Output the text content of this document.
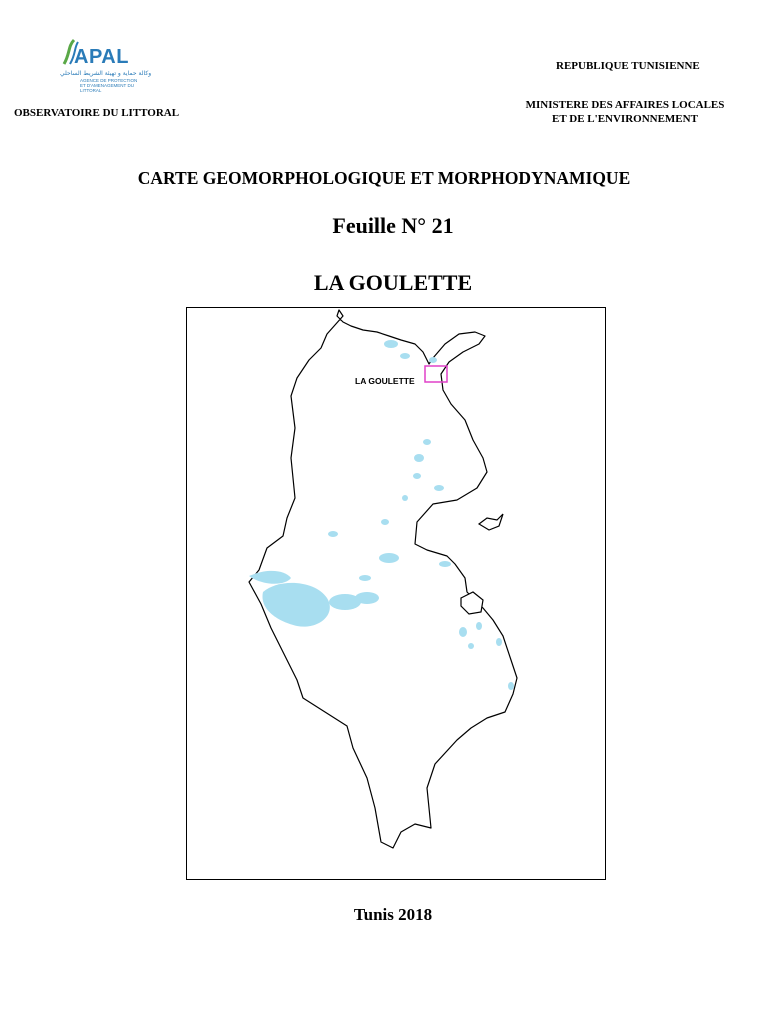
APAL
وكالة حماية و تهيئة الشريط الساحلي
AGENCE DE PROTECTION ET D'AMENAGEMENT DU LITTORAL
OBSERVATOIRE DU LITTORAL
REPUBLIQUE TUNISIENNE
MINISTERE DES AFFAIRES LOCALES
ET DE L'ENVIRONNEMENT
CARTE GEOMORPHOLOGIQUE ET MORPHODYNAMIQUE
Feuille N° 21
LA GOULETTE
LA GOULETTE
Tunis 2018
